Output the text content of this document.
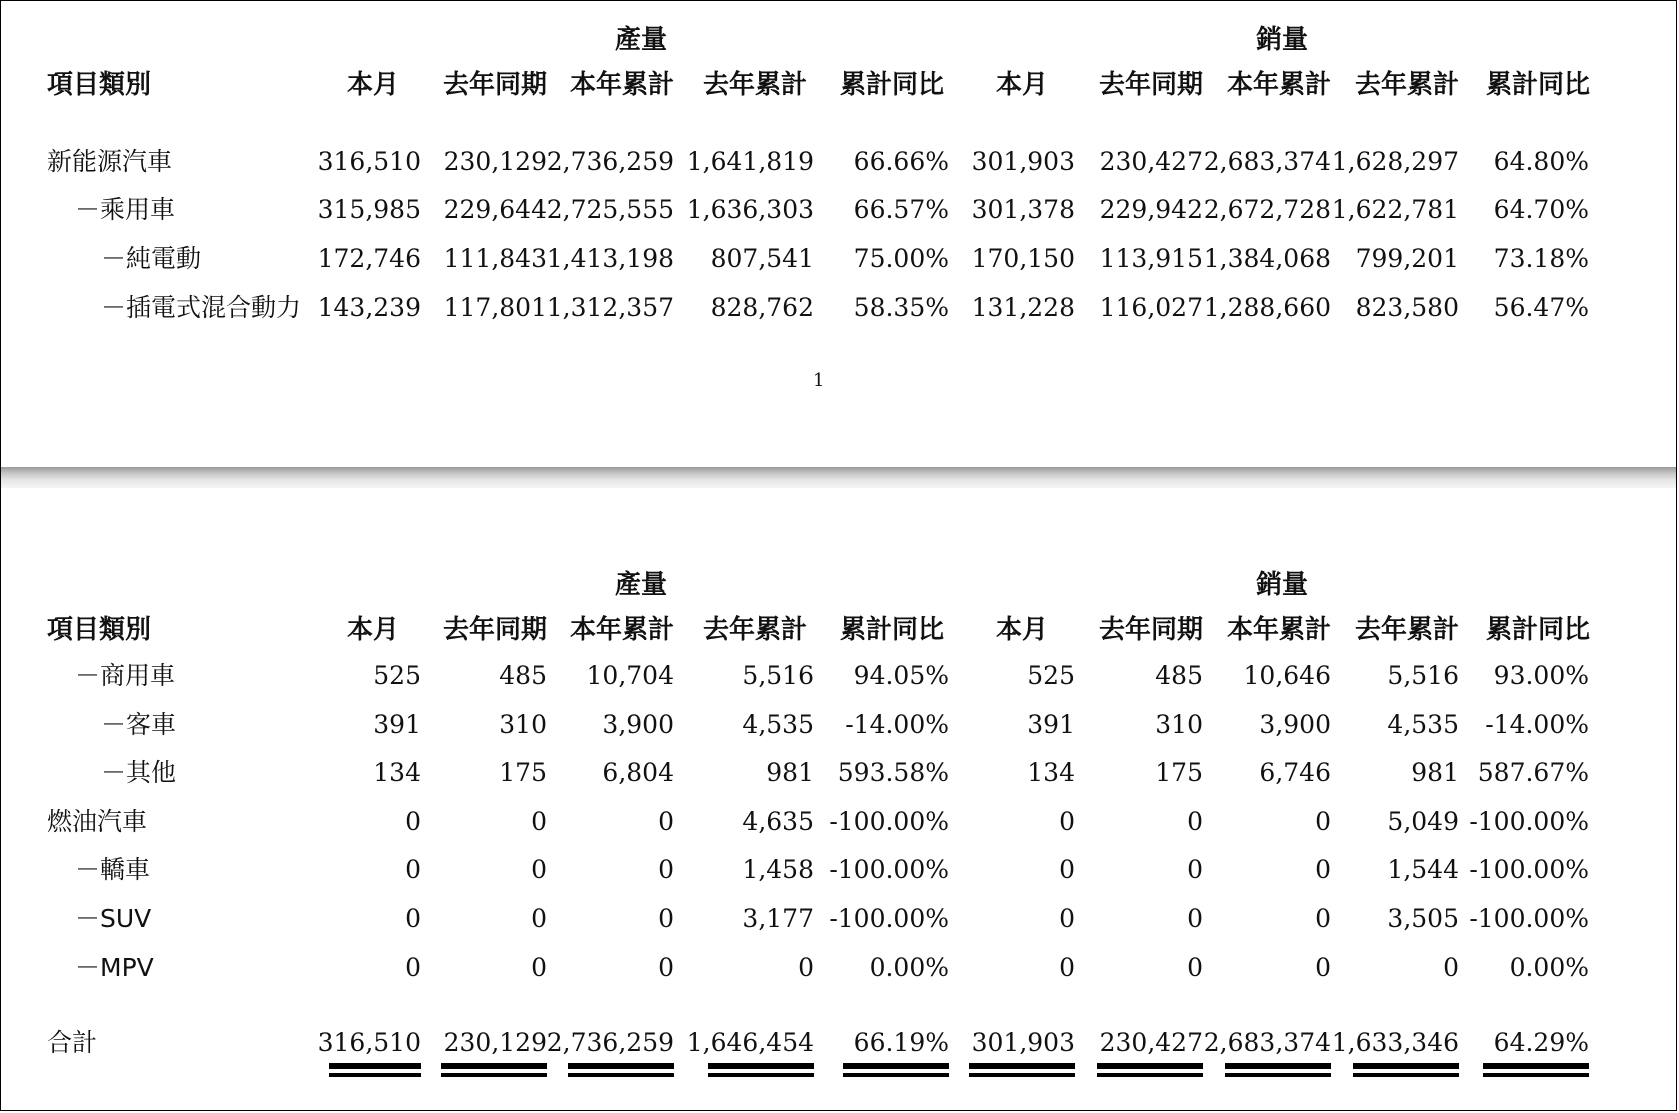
產量	銷量
項目類別	本月	去年同期 本年累計	去年累計	累計同比	本月	去年同期 本年累計 去年累計	累計同比
新能源汽車	316,510 230,129 2,736,259 1,641,819	66.66% 301,903 230,427 2,683,374 1,628,297	64.80%
－乘用車	315,985 229,644 2,725,555 1,636,303	66.57% 301,378 229,942 2,672,728 1,622,781	64.70%
－純電動	172,746 111,843 1,413,198	807,541	75.00% 170,150 113,915 1,384,068 799,201	73.18%
－插電式混合動力 143,239 117,801 1,312,357	828,762	58.35% 131,228 116,027 1,288,660 823,580	56.47%
1
產量	銷量
項目類別	本月	去年同期 本年累計	去年累計	累計同比	本月	去年同期 本年累計 去年累計	累計同比
－商用車	525	485	10,704	5,516	94.05%	525	485	10,646	5,516	93.00%
－客車	391	310	3,900	4,535	-14.00%	391	310	3,900	4,535	-14.00%
－其他	134	175	6,804	981 593.58%	134	175	6,746	981 587.67%
燃油汽車	0	0	0	4,635 -100.00%	0	0	0	5,049 -100.00%
－轎車	0	0	0	1,458 -100.00%	0	0	0	1,544 -100.00%
－SUV	0	0	0	3,177 -100.00%	0	0	0	3,505 -100.00%
－MPV	0	0	0	0	0.00%	0	0	0	0	0.00%
合計	316,510 230,129 2,736,259 1,646,454	66.19% 301,903 230,427 2,683,374 1,633,346	64.29%
